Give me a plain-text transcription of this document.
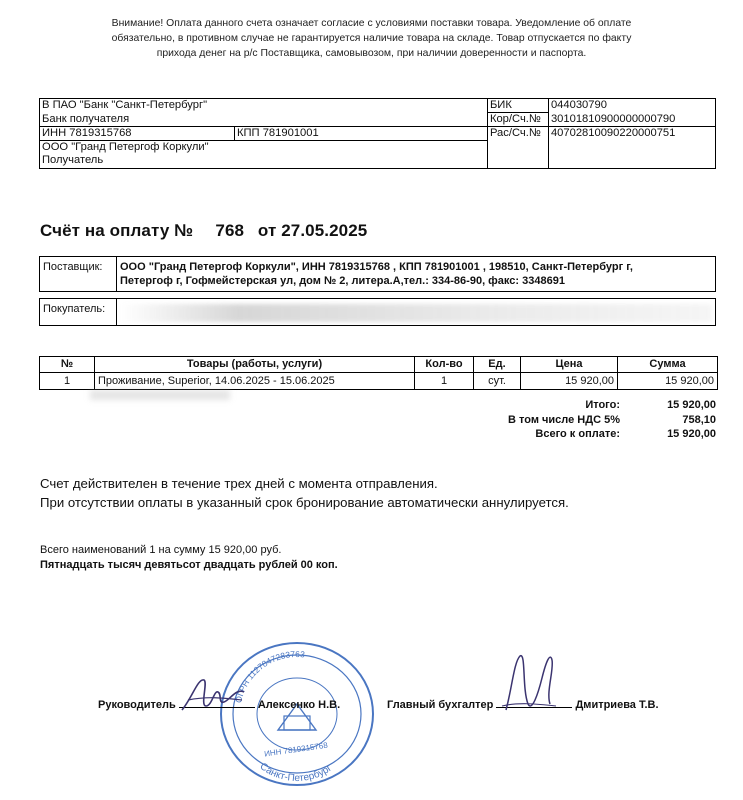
Внимание! Оплата данного счета означает согласие с условиями поставки товара. Уведомление об оплате
обязательно, в противном случае не гарантируется наличие товара на складе. Товар отпускается по факту
прихода денег на р/с Поставщика, самовывозом, при наличии доверенности и паспорта.
В ПАО "Банк "Санкт-Петербург"		БИК	044030790
Банк получателя		Кор/Сч.№	30101810900000000790
ИНН 7819315768	КПП 781901001	Рас/Сч.№	40702810090220000751
ООО "Гранд Петергоф Коркули"			
Получатель			
Счёт на оплату № ···768 от 27.05.2025
Поставщик:	ООО "Гранд Петергоф Коркули", ИНН 7819315768 , КПП 781901001 , 198510, Санкт-Петербург г,
Петергоф г, Гофмейстерская ул, дом № 2, литера.А,тел.: 334-86-90, факс: 3348691

Покупатель:	
№	Товары (работы, услуги)	Кол-во	Ед.	Цена	Сумма
1	Проживание, Superior, 14.06.2025 - 15.06.2025	1	сут.	15 920,00	15 920,00
Итого:	15 920,00
В том числе НДС 5%	758,10
Всего к оплате:	15 920,00
Счет действителен в течение трех дней с момента отправления.
При отсутствии оплаты в указанный срок бронирование автоматически аннулируется.
Всего наименований 1 на сумму 15 920,00 руб.
Пятнадцать тысяч девятьсот двадцать рублей 00 коп.
ОГРН 1127847283763
Санкт-Петербург
ИНН 7819315768
Руководитель	Алексенко Н.В.	Главный бухгалтер	Дмитриева Т.В.
